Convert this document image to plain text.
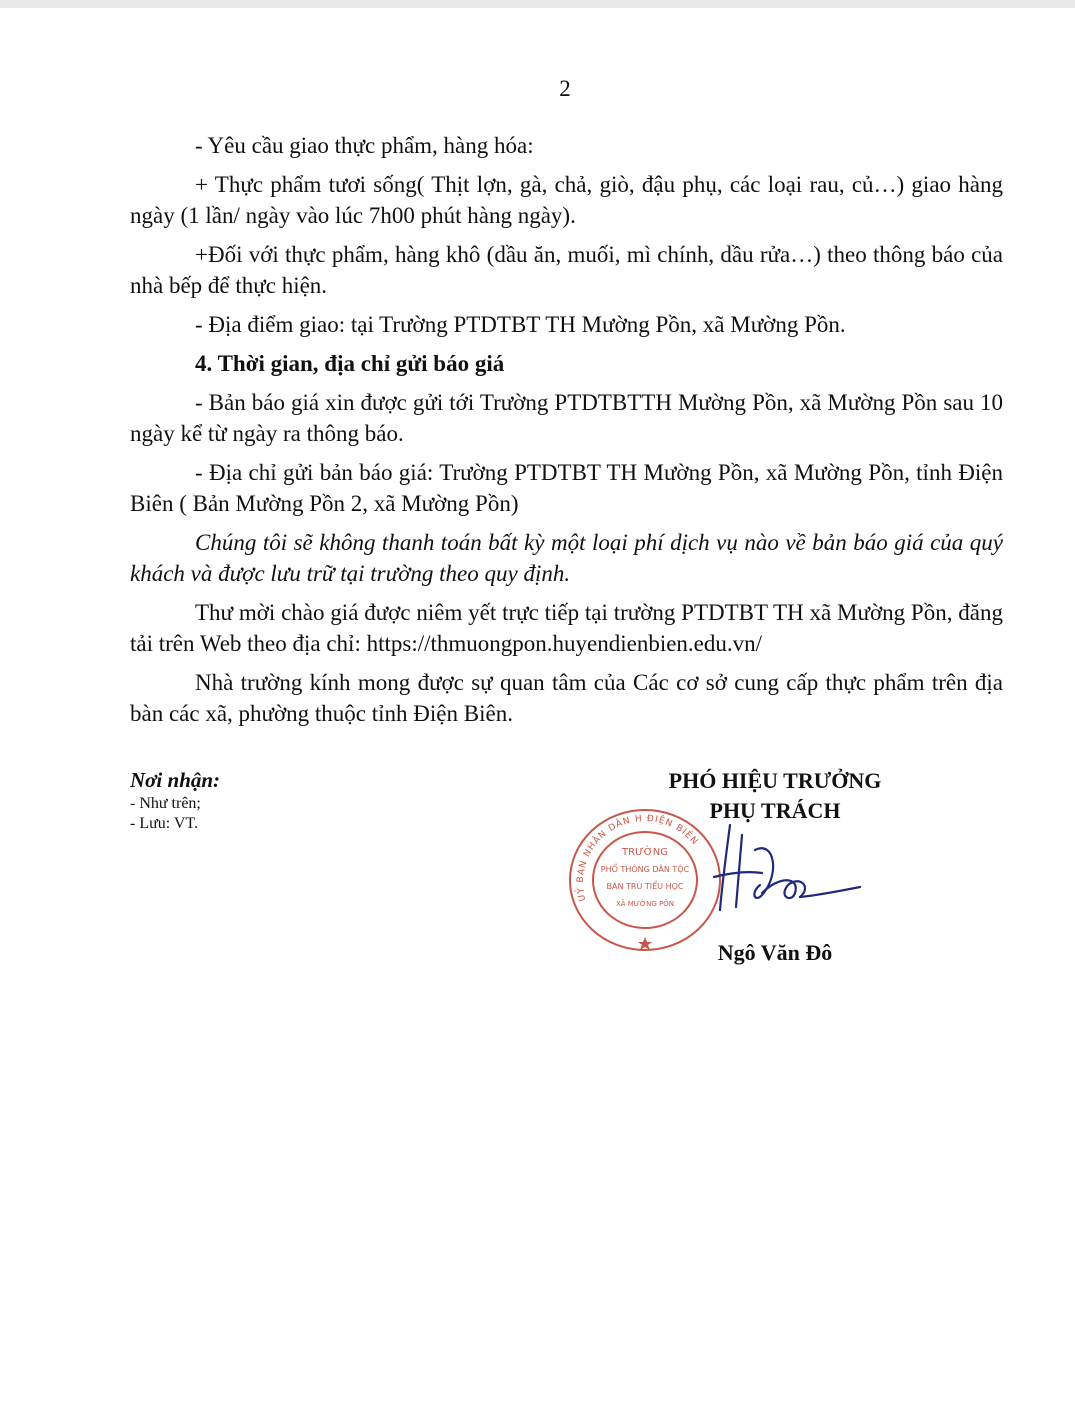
2

- Yêu cầu giao thực phẩm, hàng hóa:

+ Thực phẩm tươi sống( Thịt lợn, gà, chả, giò, đậu phụ, các loại rau, củ…) giao hàng ngày (1 lần/ ngày vào lúc 7h00 phút hàng ngày).

+Đối với thực phẩm, hàng khô (dầu ăn, muối, mì chính, dầu rửa…) theo thông báo của nhà bếp để thực hiện.

- Địa điểm giao: tại Trường PTDTBT TH Mường Pồn, xã Mường Pồn.

4. Thời gian, địa chỉ gửi báo giá

- Bản báo giá xin được gửi tới Trường PTDTBTTH Mường Pồn, xã Mường Pồn sau 10 ngày kể từ ngày ra thông báo.

- Địa chỉ gửi bản báo giá: Trường PTDTBT TH Mường Pồn, xã Mường Pồn, tỉnh Điện Biên ( Bản Mường Pồn 2, xã Mường Pồn)

Chúng tôi sẽ không thanh toán bất kỳ một loại phí dịch vụ nào về bản báo giá của quý khách và được lưu trữ tại trường theo quy định.

Thư mời chào giá được niêm yết trực tiếp tại trường PTDTBT TH xã Mường Pồn, đăng tải trên Web theo địa chỉ: https://thmuongpon.huyendienbien.edu.vn/

Nhà trường kính mong được sự quan tâm của Các cơ sở cung cấp thực phẩm trên địa bàn các xã, phường thuộc tỉnh Điện Biên.

Nơi nhận:
- Như trên;
- Lưu: VT.
PHÓ HIỆU TRƯỞNG
PHỤ TRÁCH
UỶ BAN NHÂN DÂN H ĐIỆN BIÊN
TRƯỜNG
PHỔ THÔNG DÂN TỘC
BÁN TRÚ TIỂU HỌC
XÃ MƯỜNG PỒN
Ngô Văn Đô
